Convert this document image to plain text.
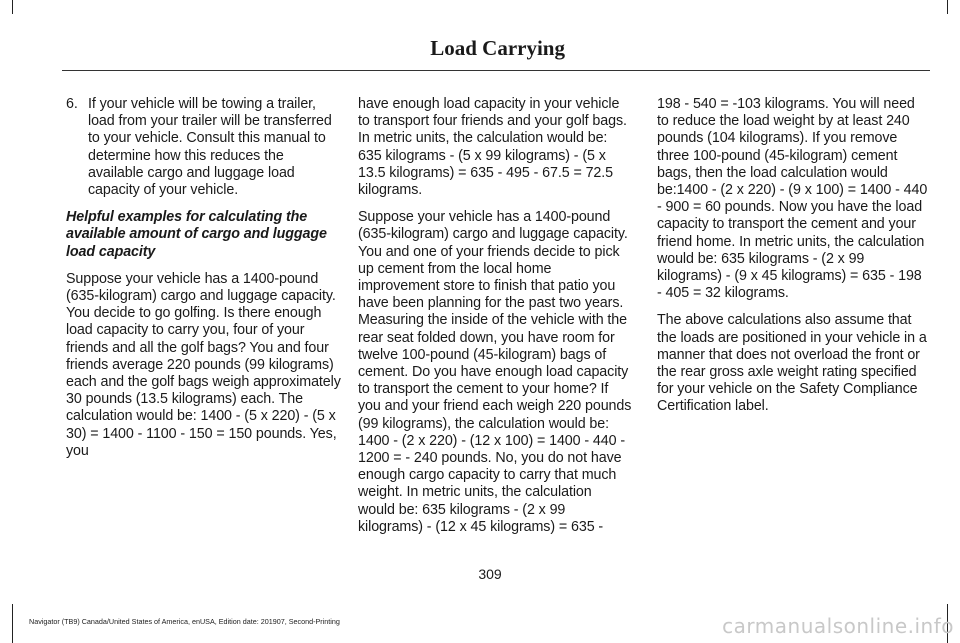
Load Carrying
6. If your vehicle will be towing a trailer, load from your trailer will be transferred to your vehicle. Consult this manual to determine how this reduces the available cargo and luggage load capacity of your vehicle.

Helpful examples for calculating the available amount of cargo and luggage load capacity

Suppose your vehicle has a 1400-pound (635-kilogram) cargo and luggage capacity. You decide to go golfing. Is there enough load capacity to carry you, four of your friends and all the golf bags? You and four friends average 220 pounds (99 kilograms) each and the golf bags weigh approximately 30 pounds (13.5 kilograms) each. The calculation would be: 1400 - (5 x 220) - (5 x 30) = 1400 - 1100 - 150 = 150 pounds. Yes, you

have enough load capacity in your vehicle to transport four friends and your golf bags. In metric units, the calculation would be: 635 kilograms - (5 x 99 kilograms) - (5 x 13.5 kilograms) = 635 - 495 - 67.5 = 72.5 kilograms.

Suppose your vehicle has a 1400-pound (635-kilogram) cargo and luggage capacity. You and one of your friends decide to pick up cement from the local home improvement store to finish that patio you have been planning for the past two years. Measuring the inside of the vehicle with the rear seat folded down, you have room for twelve 100-pound (45-kilogram) bags of cement. Do you have enough load capacity to transport the cement to your home? If you and your friend each weigh 220 pounds (99 kilograms), the calculation would be: 1400 - (2 x 220) - (12 x 100) = 1400 - 440 - 1200 = - 240 pounds. No, you do not have enough cargo capacity to carry that much weight. In metric units, the calculation would be: 635 kilograms - (2 x 99 kilograms) - (12 x 45 kilograms) = 635 -

198 - 540 = -103 kilograms. You will need to reduce the load weight by at least 240 pounds (104 kilograms). If you remove three 100-pound (45-kilogram) cement bags, then the load calculation would be:1400 - (2 x 220) - (9 x 100) = 1400 - 440 - 900 = 60 pounds. Now you have the load capacity to transport the cement and your friend home. In metric units, the calculation would be: 635 kilograms - (2 x 99 kilograms) - (9 x 45 kilograms) = 635 - 198 - 405 = 32 kilograms.

The above calculations also assume that the loads are positioned in your vehicle in a manner that does not overload the front or the rear gross axle weight rating specified for your vehicle on the Safety Compliance Certification label.

309
Navigator (TB9) Canada/United States of America, enUSA, Edition date: 201907, Second-Printing	carmanualsonline.info
